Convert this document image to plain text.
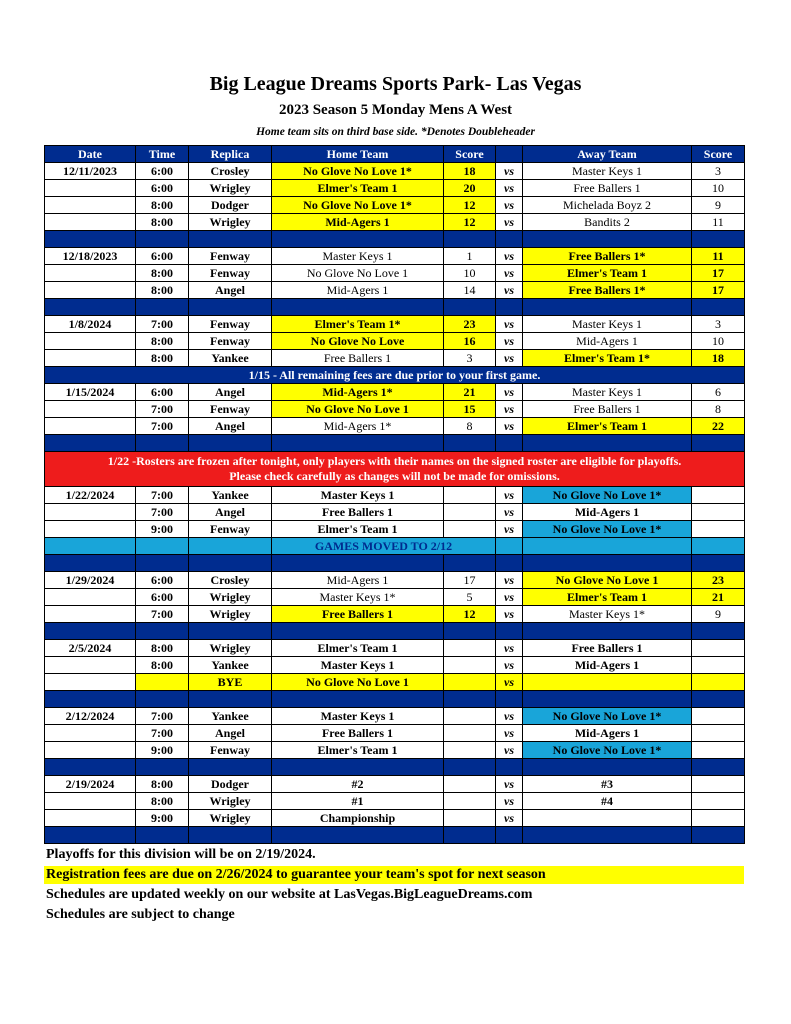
Big League Dreams Sports Park- Las Vegas
2023 Season 5 Monday Mens A West
Home team sits on third base side. *Denotes Doubleheader
Date	Time	Replica	Home Team	Score		Away Team	Score
12/11/2023	6:00	Crosley	No Glove No Love 1*	18	vs	Master Keys 1	3
	6:00	Wrigley	Elmer's Team 1	20	vs	Free Ballers 1	10
	8:00	Dodger	No Glove No Love 1*	12	vs	Michelada Boyz 2	9
	8:00	Wrigley	Mid-Agers 1	12	vs	Bandits 2	11

12/18/2023	6:00	Fenway	Master Keys 1	1	vs	Free Ballers 1*	11
	8:00	Fenway	No Glove No Love 1	10	vs	Elmer's Team 1	17
	8:00	Angel	Mid-Agers 1	14	vs	Free Ballers 1*	17

1/8/2024	7:00	Fenway	Elmer's Team 1*	23	vs	Master Keys 1	3
	8:00	Fenway	No Glove No Love	16	vs	Mid-Agers 1	10
	8:00	Yankee	Free Ballers 1	3	vs	Elmer's Team 1*	18
1/15 - All remaining fees are due prior to your first game.							
1/15/2024	6:00	Angel	Mid-Agers 1*	21	vs	Master Keys 1	6
	7:00	Fenway	No Glove No Love 1	15	vs	Free Ballers 1	8
	7:00	Angel	Mid-Agers 1*	8	vs	Elmer's Team 1	22

1/22 -Rosters are frozen after tonight, only players with their names on the signed roster are eligible for playoffs.
Please check carefully as changes will not be made for omissions.							

1/22/2024	7:00	Yankee	Master Keys 1		vs	No Glove No Love 1*	
	7:00	Angel	Free Ballers 1		vs	Mid-Agers 1	
	9:00	Fenway	Elmer's Team 1		vs	No Glove No Love 1*	
			GAMES MOVED TO 2/12				

1/29/2024	6:00	Crosley	Mid-Agers 1	17	vs	No Glove No Love 1	23
	6:00	Wrigley	Master Keys 1*	5	vs	Elmer's Team 1	21
	7:00	Wrigley	Free Ballers 1	12	vs	Master Keys 1*	9

2/5/2024	8:00	Wrigley	Elmer's Team 1		vs	Free Ballers 1	
	8:00	Yankee	Master Keys 1		vs	Mid-Agers 1	
		BYE	No Glove No Love 1		vs		

2/12/2024	7:00	Yankee	Master Keys 1		vs	No Glove No Love 1*	
	7:00	Angel	Free Ballers 1		vs	Mid-Agers 1	
	9:00	Fenway	Elmer's Team 1		vs	No Glove No Love 1*	

2/19/2024	8:00	Dodger	#2		vs	#3	
	8:00	Wrigley	#1		vs	#4	
	9:00	Wrigley	Championship		vs		

Playoffs for this division will be on 2/19/2024.
Registration fees are due on 2/26/2024 to guarantee your team's spot for next season
Schedules are updated weekly on our website at LasVegas.BigLeagueDreams.com
Schedules are subject to change
